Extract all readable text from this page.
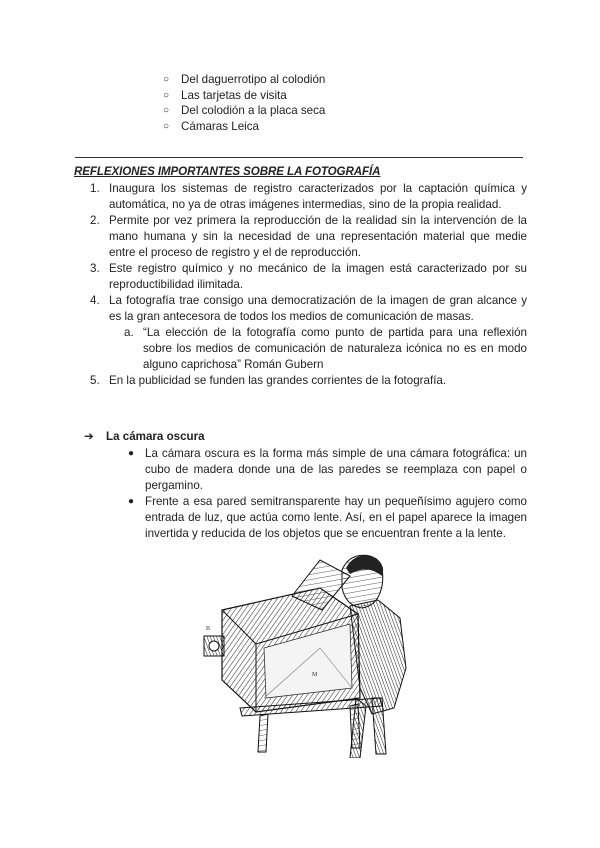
○	Del daguerrotipo al colodión
○	Las tarjetas de visita
○	Del colodión a la placa seca
○	Cámaras Leica
REFLEXIONES IMPORTANTES SOBRE LA FOTOGRAFÍA
1. Inaugura los sistemas de registro caracterizados por la captación química y automática, no ya de otras imágenes intermedias, sino de la propia realidad.
2. Permite por vez primera la reproducción de la realidad sin la intervención de la mano humana y sin la necesidad de una representación material que medie entre el proceso de registro y el de reproducción.
3. Este registro químico y no mecánico de la imagen está caracterizado por su reproductibilidad ilimitada.
4. La fotografía trae consigo una democratización de la imagen de gran alcance y es la gran antecesora de todos los medios de comunicación de masas.
a. “La elección de la fotografía como punto de partida para una reflexión sobre los medios de comunicación de naturaleza icónica no es en modo alguno caprichosa” Román Gubern
5. En la publicidad se funden las grandes corrientes de la fotografía.
➔ La cámara oscura
● La cámara oscura es la forma más simple de una cámara fotográfica: un cubo de madera donde una de las paredes se reemplaza con papel o pergamino.
● Frente a esa pared semitransparente hay un pequeñísimo agujero como entrada de luz, que actúa como lente. Así, en el papel aparece la imagen invertida y reducida de los objetos que se encuentran frente a la lente.
M
B
